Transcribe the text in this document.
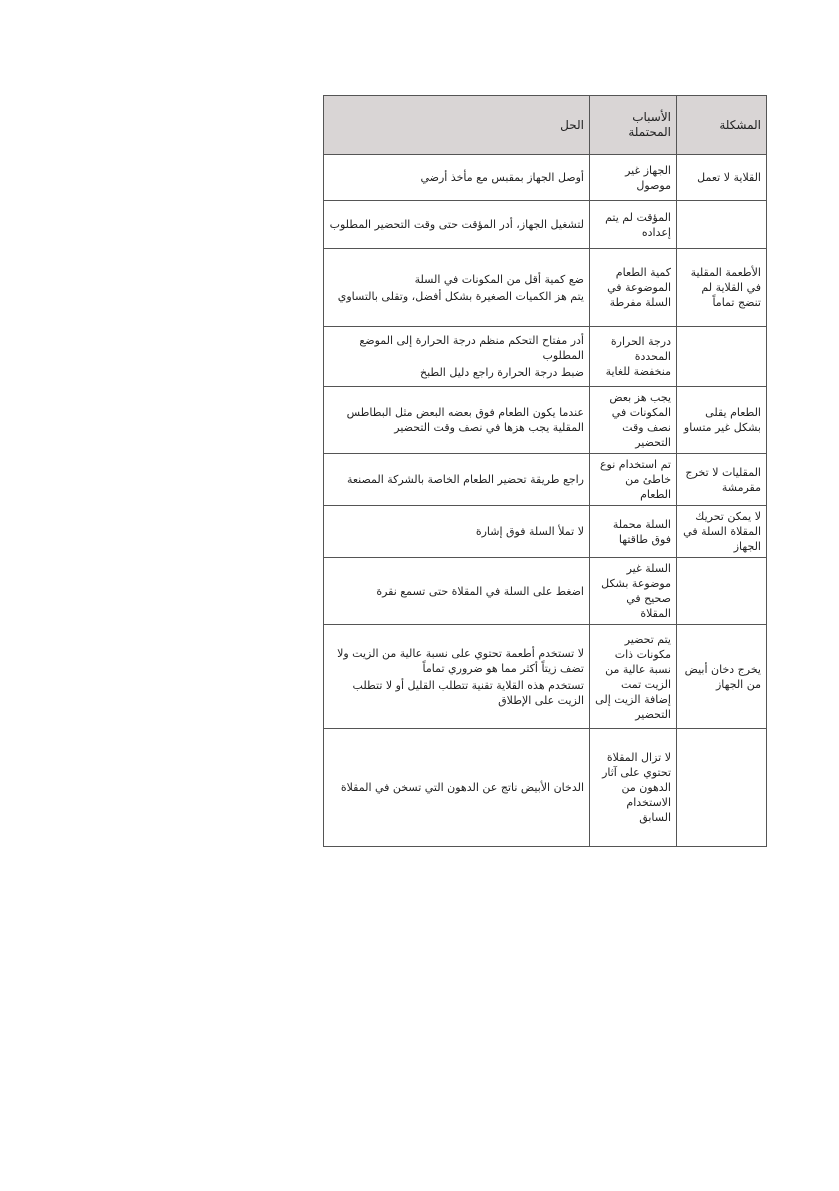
المشكلة	الأسباب المحتملة	الحل
القلاية لا تعمل	الجهاز غير موصول	أوصل الجهاز بمقبس مع مأخذ أرضي

	المؤقت لم يتم إعداده	لتشغيل الجهاز، أدر المؤقت حتى وقت التحضير المطلوب

الأطعمة المقلية في القلاية لم تنضج تماماً	كمية الطعام الموضوعة في السلة مفرطة	ضع كمية أقل من المكونات في السلة
يتم هز الكميات الصغيرة بشكل أفضل، وتقلى بالتساوي

	درجة الحرارة المحددة منخفضة للغاية	أدر مفتاح التحكم منظم درجة الحرارة إلى الموضع المطلوب
ضبط درجة الحرارة راجع دليل الطبخ

الطعام يقلى بشكل غير متساو	يجب هز بعض المكونات في نصف وقت التحضير	عندما يكون الطعام فوق بعضه البعض مثل البطاطس المقلية يجب هزها في نصف وقت التحضير

المقليات لا تخرج مقرمشة	تم استخدام نوع خاطئ من الطعام	راجع طريقة تحضير الطعام الخاصة بالشركة المصنعة

لا يمكن تحريك المقلاة السلة في الجهاز	السلة محملة فوق طاقتها	لا تملأ السلة فوق إشارة

	السلة غير موضوعة بشكل صحيح في المقلاة	اضغط على السلة في المقلاة حتى تسمع نقرة

يخرج دخان أبيض من الجهاز	يتم تحضير مكونات ذات نسبة عالية من الزيت تمت إضافة الزيت إلى التحضير	لا تستخدم أطعمة تحتوي على نسبة عالية من الزيت ولا تضف زيتاً أكثر مما هو ضروري تماماً
تستخدم هذه القلاية تقنية تتطلب القليل أو لا تتطلب الزيت على الإطلاق

	لا تزال المقلاة تحتوي على آثار الدهون من الاستخدام السابق	الدخان الأبيض ناتج عن الدهون التي تسخن في المقلاة
